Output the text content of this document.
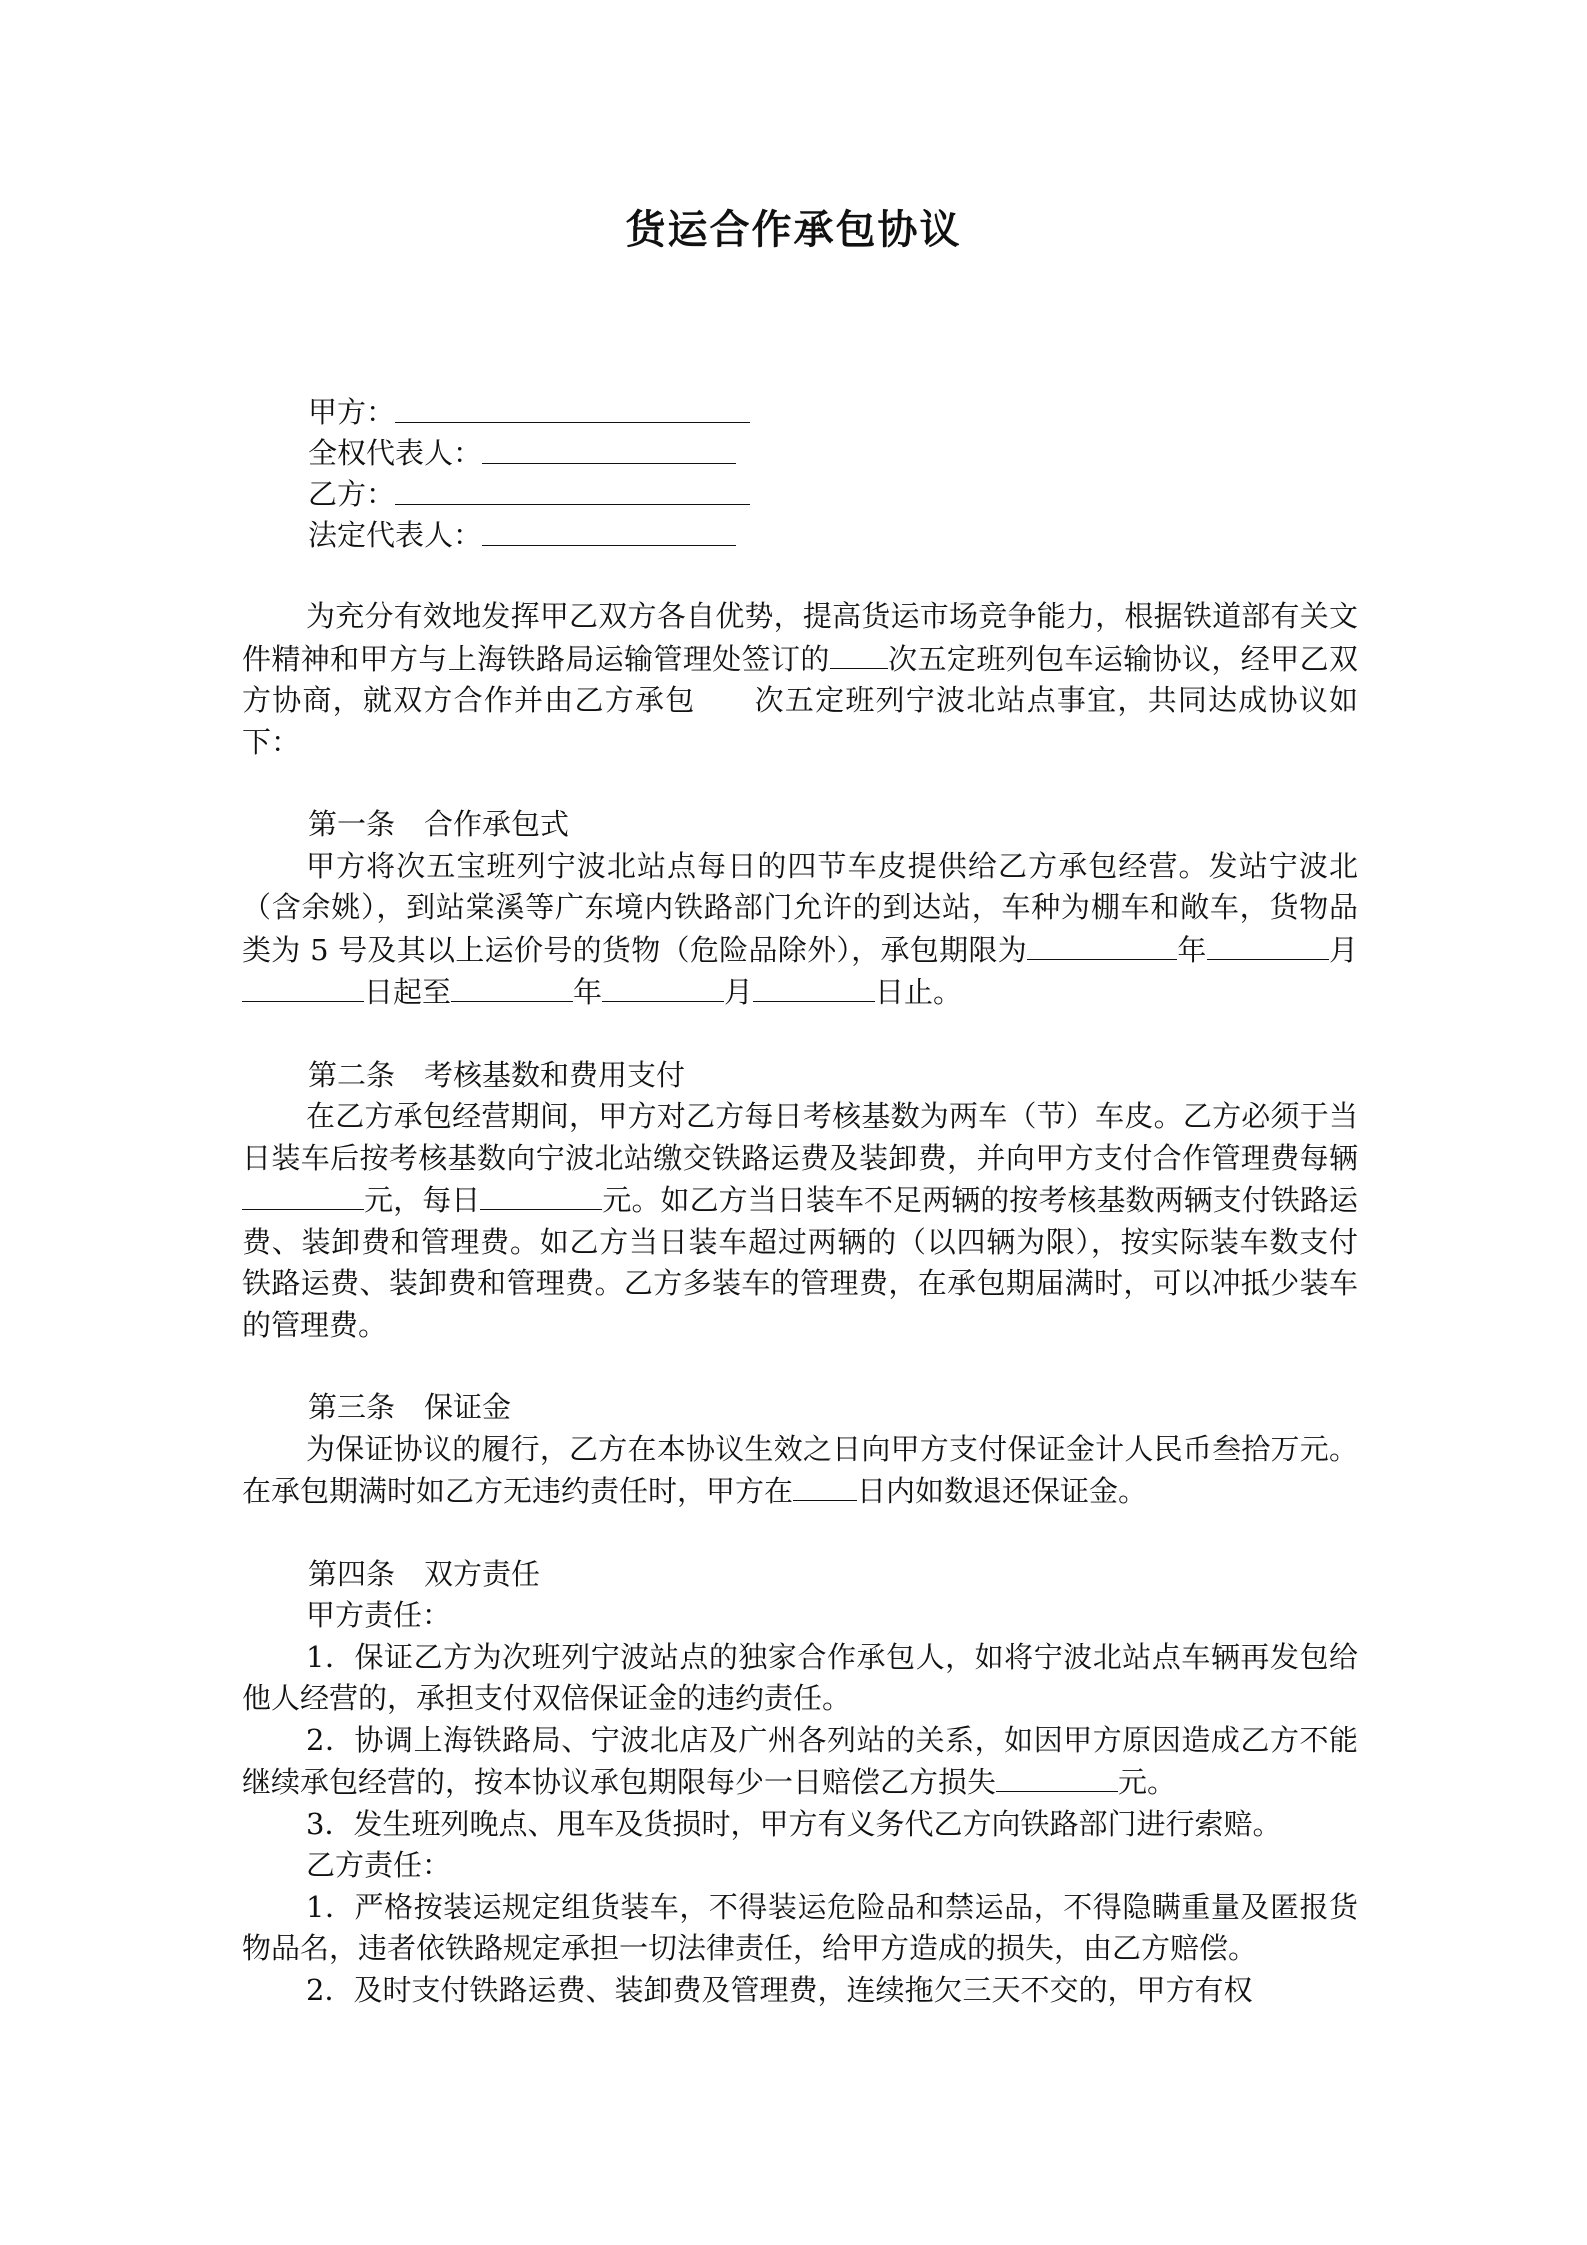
货运合作承包协议
甲方：
全权代表人：
乙方：
法定代表人：

为充分有效地发挥甲乙双方各自优势，提高货运市场竞争能力，根据铁道部有关文件精神和甲方与上海铁路局运输管理处签订的 次五定班列包车运输协议，经甲乙双方协商，就双方合作并由乙方承包 次五定班列宁波北站点事宜，共同达成协议如下：

第一条　合作承包式

甲方将次五宝班列宁波北站点每日的四节车皮提供给乙方承包经营。发站宁波北（含余姚），到站棠溪等广东境内铁路部门允许的到达站，车种为棚车和敞车，货物品类为 5 号及其以上运价号的货物（危险品除外），承包期限为	年	月日起至	年	月	日止。

第二条　考核基数和费用支付

在乙方承包经营期间，甲方对乙方每日考核基数为两车（节）车皮。乙方必须于当日装车后按考核基数向宁波北站缴交铁路运费及装卸费，并向甲方支付合作管理费每辆元，每日	元。如乙方当日装车不足两辆的按考核基数两辆支付铁路运费、装卸费和管理费。如乙方当日装车超过两辆的（以四辆为限），按实际装车数支付铁路运费、装卸费和管理费。乙方多装车的管理费，在承包期届满时，可以冲抵少装车的管理费。

第三条　保证金

为保证协议的履行，乙方在本协议生效之日向甲方支付保证金计人民币叁拾万元。在承包期满时如乙方无违约责任时，甲方在 日内如数退还保证金。

第四条　双方责任

甲方责任：

1．保证乙方为次班列宁波站点的独家合作承包人，如将宁波北站点车辆再发包给他人经营的，承担支付双倍保证金的违约责任。

2．协调上海铁路局、宁波北店及广州各列站的关系，如因甲方原因造成乙方不能继续承包经营的，按本协议承包期限每少一日赔偿乙方损失	元。

3．发生班列晚点、甩车及货损时，甲方有义务代乙方向铁路部门进行索赔。

乙方责任：

1．严格按装运规定组货装车，不得装运危险品和禁运品，不得隐瞒重量及匿报货物品名，违者依铁路规定承担一切法律责任，给甲方造成的损失，由乙方赔偿。

2．及时支付铁路运费、装卸费及管理费，连续拖欠三天不交的，甲方有权
